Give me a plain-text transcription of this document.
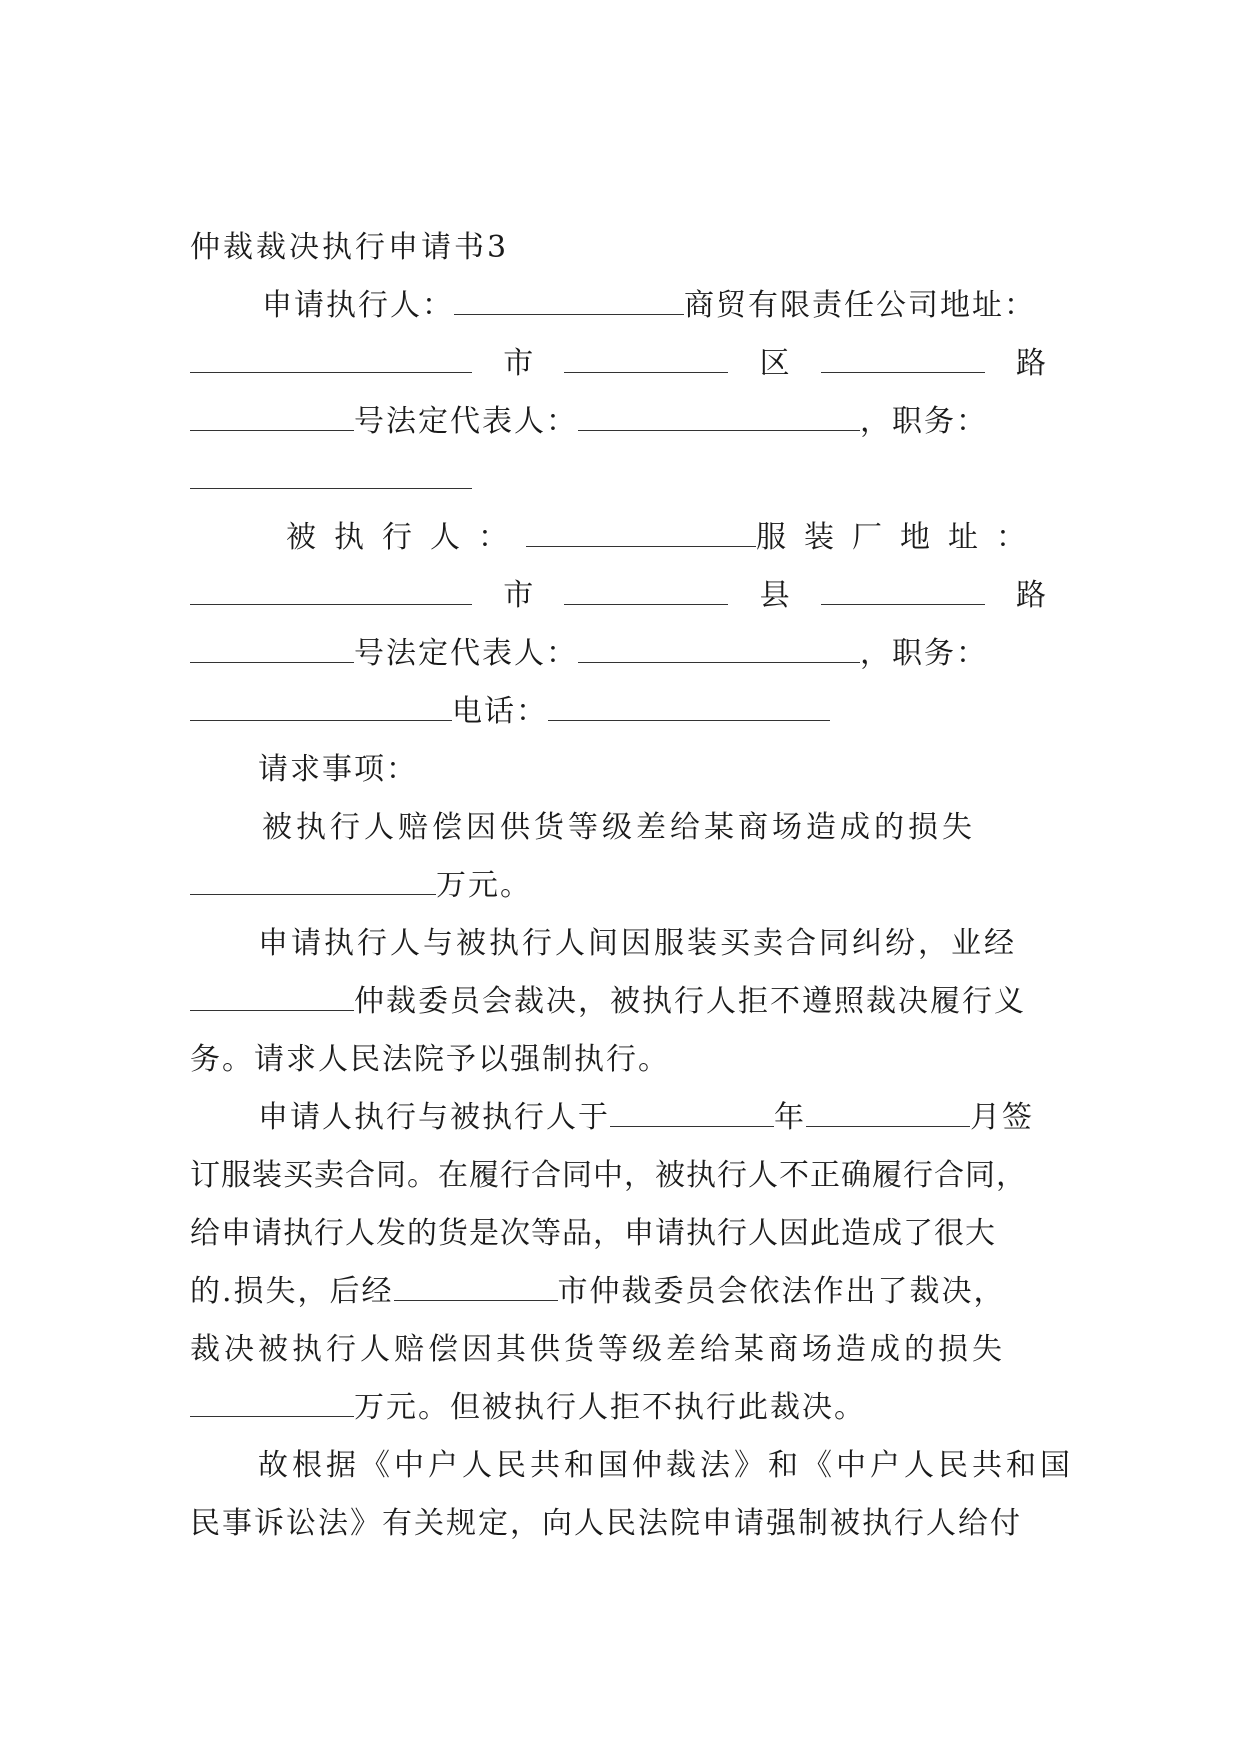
仲裁裁决执行申请书3
申请执行人：	商贸有限责任公司地址：
市	区	路
号法定代表人：	，职务：
被执行人：	服装厂地址：
市	县	路
号法定代表人：	，职务：
电话：
请求事项：
被执行人赔偿因供货等级差给某商场造成的损失
万元。
申请执行人与被执行人间因服装买卖合同纠纷，业经
仲裁委员会裁决，被执行人拒不遵照裁决履行义
务。请求人民法院予以强制执行。
申请人执行与被执行人于	年	月签
订服装买卖合同。在履行合同中，被执行人不正确履行合同，
给申请执行人发的货是次等品，申请执行人因此造成了很大
的.损失，后经	市仲裁委员会依法作出了裁决，
裁决被执行人赔偿因其供货等级差给某商场造成的损失
万元。但被执行人拒不执行此裁决。
故根据《中户人民共和国仲裁法》和《中户人民共和国
民事诉讼法》有关规定，向人民法院申请强制被执行人给付
